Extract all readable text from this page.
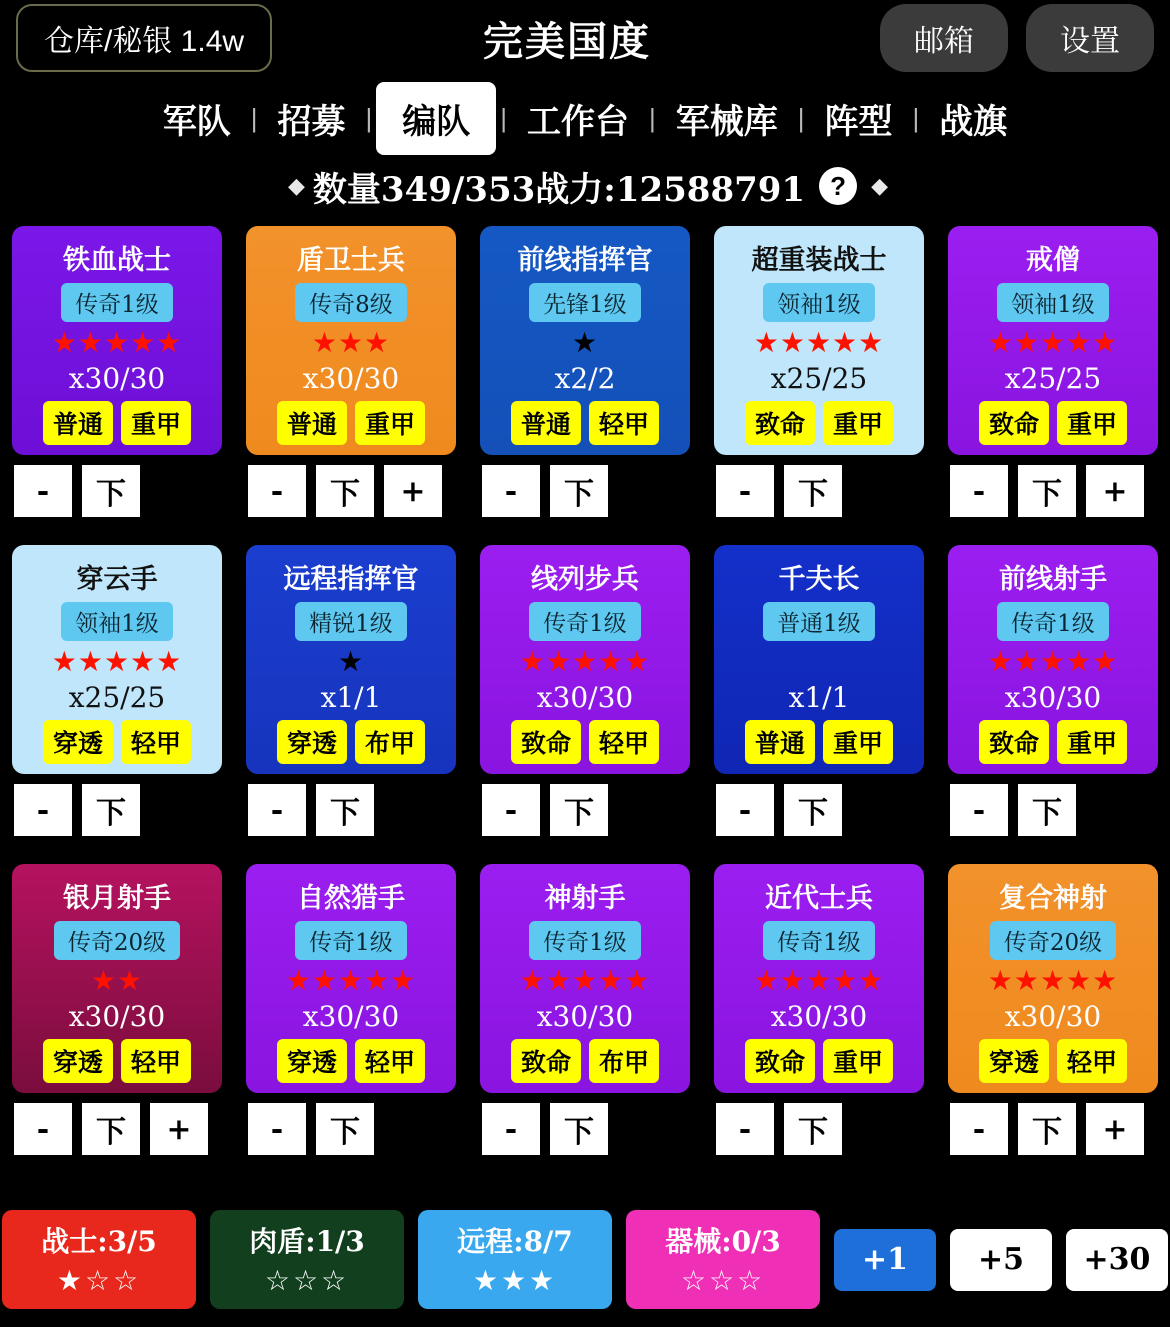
仓库/秘银 1.4w	完美国度	邮箱	设置
军队 | 招募 | 编队	| 工作台 | 军械库 | 阵型 | 战旗
◆ 数量349/353战力:12588791 ?	◆
铁血战士
传奇1级
★★★★★
x30/30
普通	重甲
-	下
盾卫士兵
传奇8级
★★★
x30/30
普通	重甲
-	下	+
前线指挥官
先锋1级
★
x2/2
普通	轻甲
-	下
超重装战士
领袖1级
★★★★★
x25/25
致命	重甲
-	下
戒僧
领袖1级
★★★★★
x25/25
致命	重甲
-	下	+
穿云手
领袖1级
★★★★★
x25/25
穿透	轻甲
-	下
远程指挥官
精锐1级
★
x1/1
穿透	布甲
-	下
线列步兵
传奇1级
★★★★★
x30/30
致命	轻甲
-	下
千夫长
普通1级
x1/1
普通	重甲
-	下
前线射手
传奇1级
★★★★★
x30/30
致命	重甲
-	下
银月射手
传奇20级
★★
x30/30
穿透	轻甲
-	下	+
自然猎手
传奇1级
★★★★★
x30/30
穿透	轻甲
-	下
神射手
传奇1级
★★★★★
x30/30
致命	布甲
-	下
近代士兵
传奇1级
★★★★★
x30/30
致命	重甲
-	下
复合神射
传奇20级
★★★★★
x30/30
穿透	轻甲
-	下	+
战士:3/5
★☆☆
肉盾:1/3
☆☆☆
远程:8/7
★★★
器械:0/3
☆☆☆
+1	+5	+30
